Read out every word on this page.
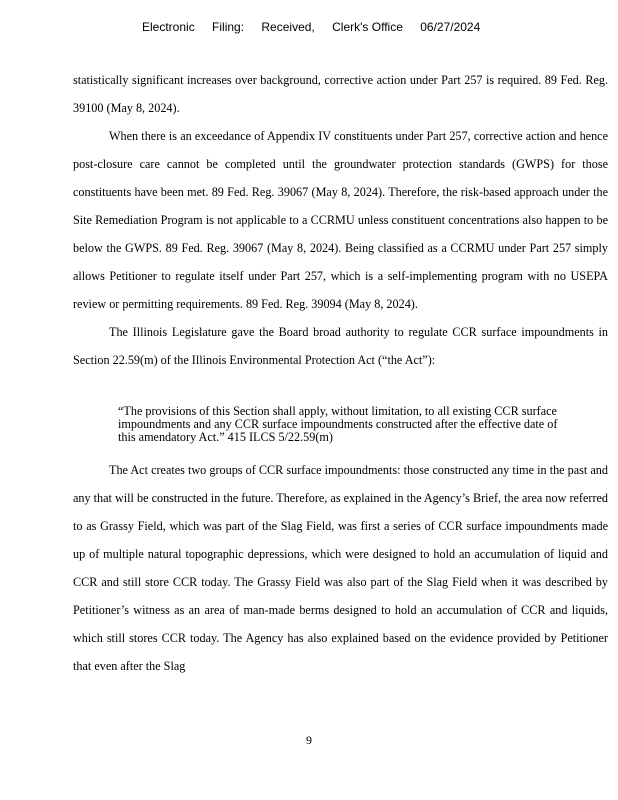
Electronic Filing: Received, Clerk's Office 06/27/2024

statistically significant increases over background, corrective action under Part 257 is required. 89 Fed. Reg. 39100 (May 8, 2024).

When there is an exceedance of Appendix IV constituents under Part 257, corrective action and hence post-closure care cannot be completed until the groundwater protection standards (GWPS) for those constituents have been met. 89 Fed. Reg. 39067 (May 8, 2024). Therefore, the risk-based approach under the Site Remediation Program is not applicable to a CCRMU unless constituent concentrations also happen to be below the GWPS. 89 Fed. Reg. 39067 (May 8, 2024). Being classified as a CCRMU under Part 257 simply allows Petitioner to regulate itself under Part 257, which is a self-implementing program with no USEPA review or permitting requirements. 89 Fed. Reg. 39094 (May 8, 2024).

The Illinois Legislature gave the Board broad authority to regulate CCR surface impoundments in Section 22.59(m) of the Illinois Environmental Protection Act (“the Act”):

“The provisions of this Section shall apply, without limitation, to all existing CCR surface impoundments and any CCR surface impoundments constructed after the effective date of this amendatory Act.” 415 ILCS 5/22.59(m)

The Act creates two groups of CCR surface impoundments: those constructed any time in the past and any that will be constructed in the future. Therefore, as explained in the Agency’s Brief, the area now referred to as Grassy Field, which was part of the Slag Field, was first a series of CCR surface impoundments made up of multiple natural topographic depressions, which were designed to hold an accumulation of liquid and CCR and still store CCR today. The Grassy Field was also part of the Slag Field when it was described by Petitioner’s witness as an area of man-made berms designed to hold an accumulation of CCR and liquids, which still stores CCR today. The Agency has also explained based on the evidence provided by Petitioner that even after the Slag

9
